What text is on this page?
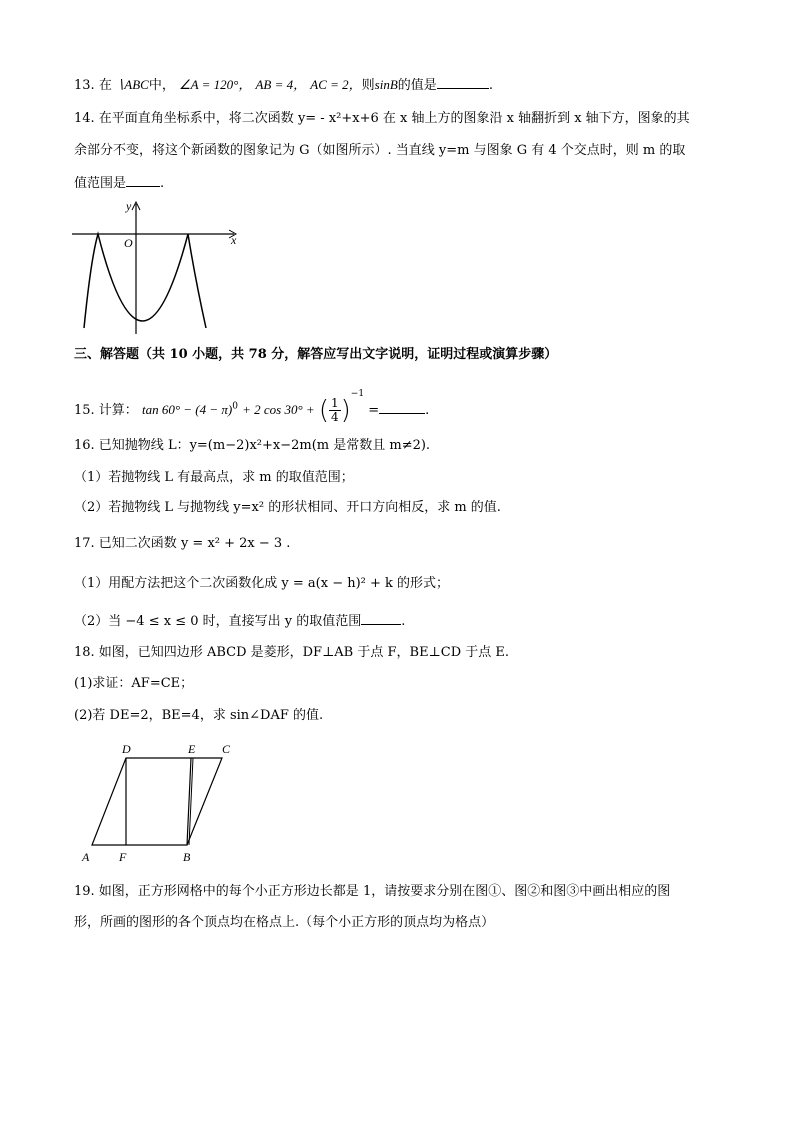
13. 在 ∖ABC中， ∠A = 120°， AB = 4， AC = 2，则sinB的值是	.
14. 在平面直角坐标系中，将二次函数 y= - x²+x+6 在 x 轴上方的图象沿 x 轴翻折到 x 轴下方，图象的其
余部分不变，将这个新函数的图象记为 G（如图所示）. 当直线 y=m 与图象 G 有 4 个交点时，则 m 的取
值范围是	.
y
x
O
三、解答题（共 10 小题，共 78 分，解答应写出文字说明，证明过程或演算步骤）
15. 计算： $\tan 60^\circ - (4 - \pi)^0 + 2$ cos 30° + ( $\frac{1}{4} )^{-1}$ =	.
16. 已知抛物线 L：y=(m−2)x²+x−2m(m 是常数且 m≠2).
（1）若抛物线 L 有最高点，求 m 的取值范围；
（2）若抛物线 L 与抛物线 y=x² 的形状相同、开口方向相反，求 m 的值.
17. 已知二次函数 y = x² + 2x − 3 .
（1）用配方法把这个二次函数化成 y = a(x − h)² + k 的形式；
（2）当 −4 ≤ x ≤ 0 时，直接写出 y 的取值范围	.
18. 如图，已知四边形 ABCD 是菱形，DF⊥AB 于点 F，BE⊥CD 于点 E.
(1)求证：AF=CE；
(2)若 DE=2，BE=4，求 sin∠DAF 的值.
D	E C
A F	B
19. 如图，正方形网格中的每个小正方形边长都是 1，请按要求分别在图①、图②和图③中画出相应的图
形，所画的图形的各个顶点均在格点上.（每个小正方形的顶点均为格点）
